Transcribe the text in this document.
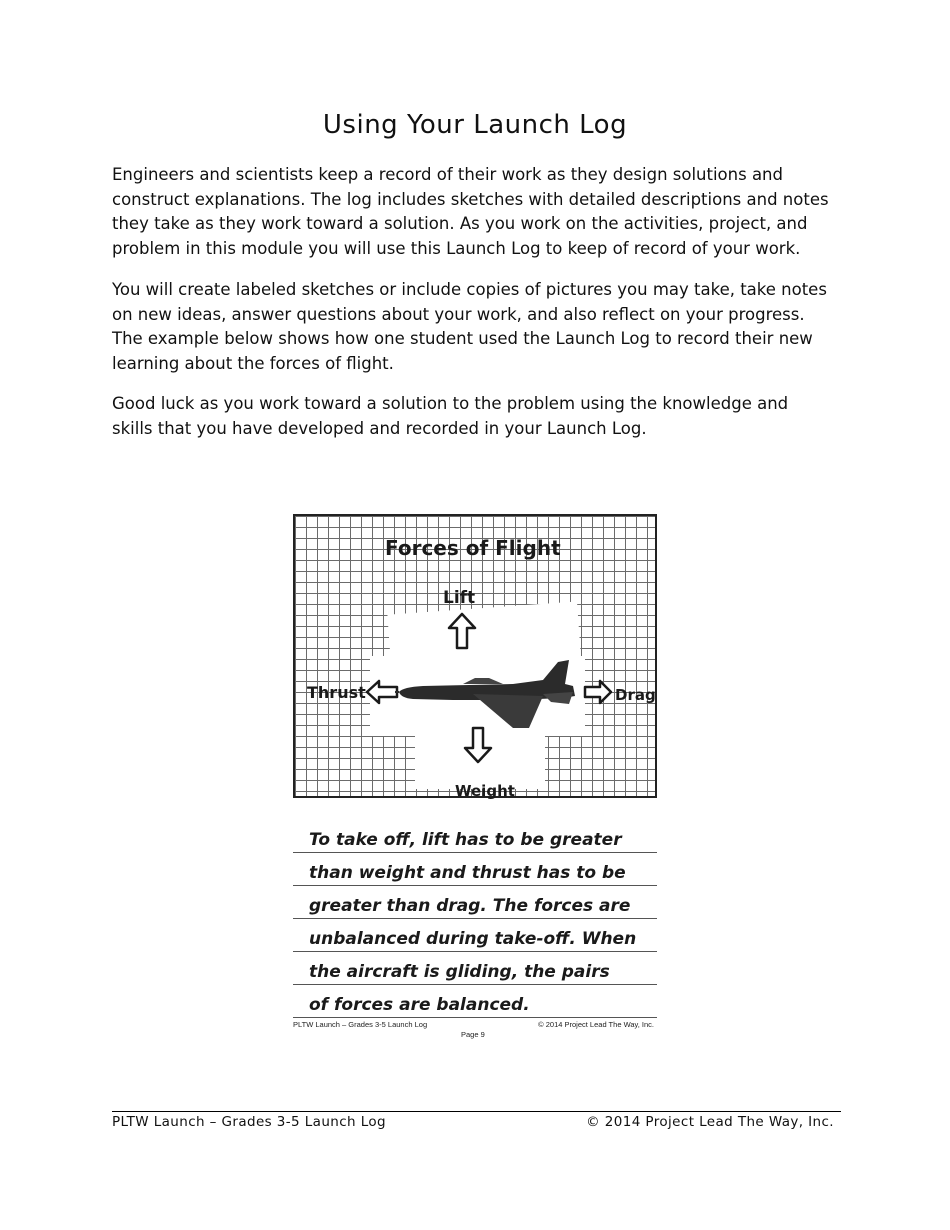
Using Your Launch Log

Engineers and scientists keep a record of their work as they design solutions and construct explanations. The log includes sketches with detailed descriptions and notes they take as they work toward a solution. As you work on the activities, project, and problem in this module you will use this Launch Log to keep of record of your work.

You will create labeled sketches or include copies of pictures you may take, take notes on new ideas, answer questions about your work, and also reflect on your progress. The example below shows how one student used the Launch Log to record their new learning about the forces of flight.

Good luck as you work toward a solution to the problem using the knowledge and skills that you have developed and recorded in your Launch Log.

Forces of Flight
Lift
Thrust	Drag
Weight
To take off, lift has to be greater
than weight and thrust has to be
greater than drag. The forces are
unbalanced during take-off. When
the aircraft is gliding, the pairs
of forces are balanced.
PLTW Launch – Grades 3-5 Launch Log	© 2014 Project Lead The Way, Inc.
Page 9
PLTW Launch – Grades 3-5 Launch Log	© 2014 Project Lead The Way, Inc.
